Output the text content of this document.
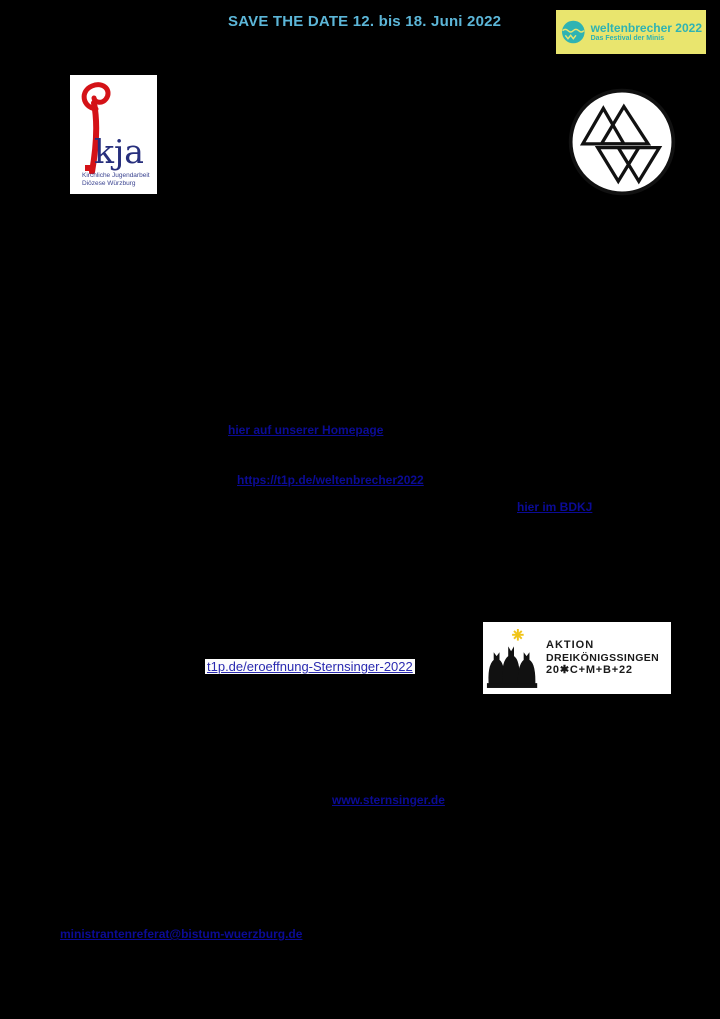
SAVE THE DATE 12. bis 18. Juni 2022	weltenbrecher 2022
Das Festival der Minis
kja
Kirchliche Jugendarbeit
Diözese Würzburg
hier auf unserer Homepage
https://t1p.de/weltenbrecher2022
hier im BDKJ
t1p.de/eroeffnung-Sternsinger-2022
www.sternsinger.de
ministrantenreferat@bistum-wuerzburg.de
AKTION
DREIKÖNIGSSINGEN
20✱C+M+B+22
